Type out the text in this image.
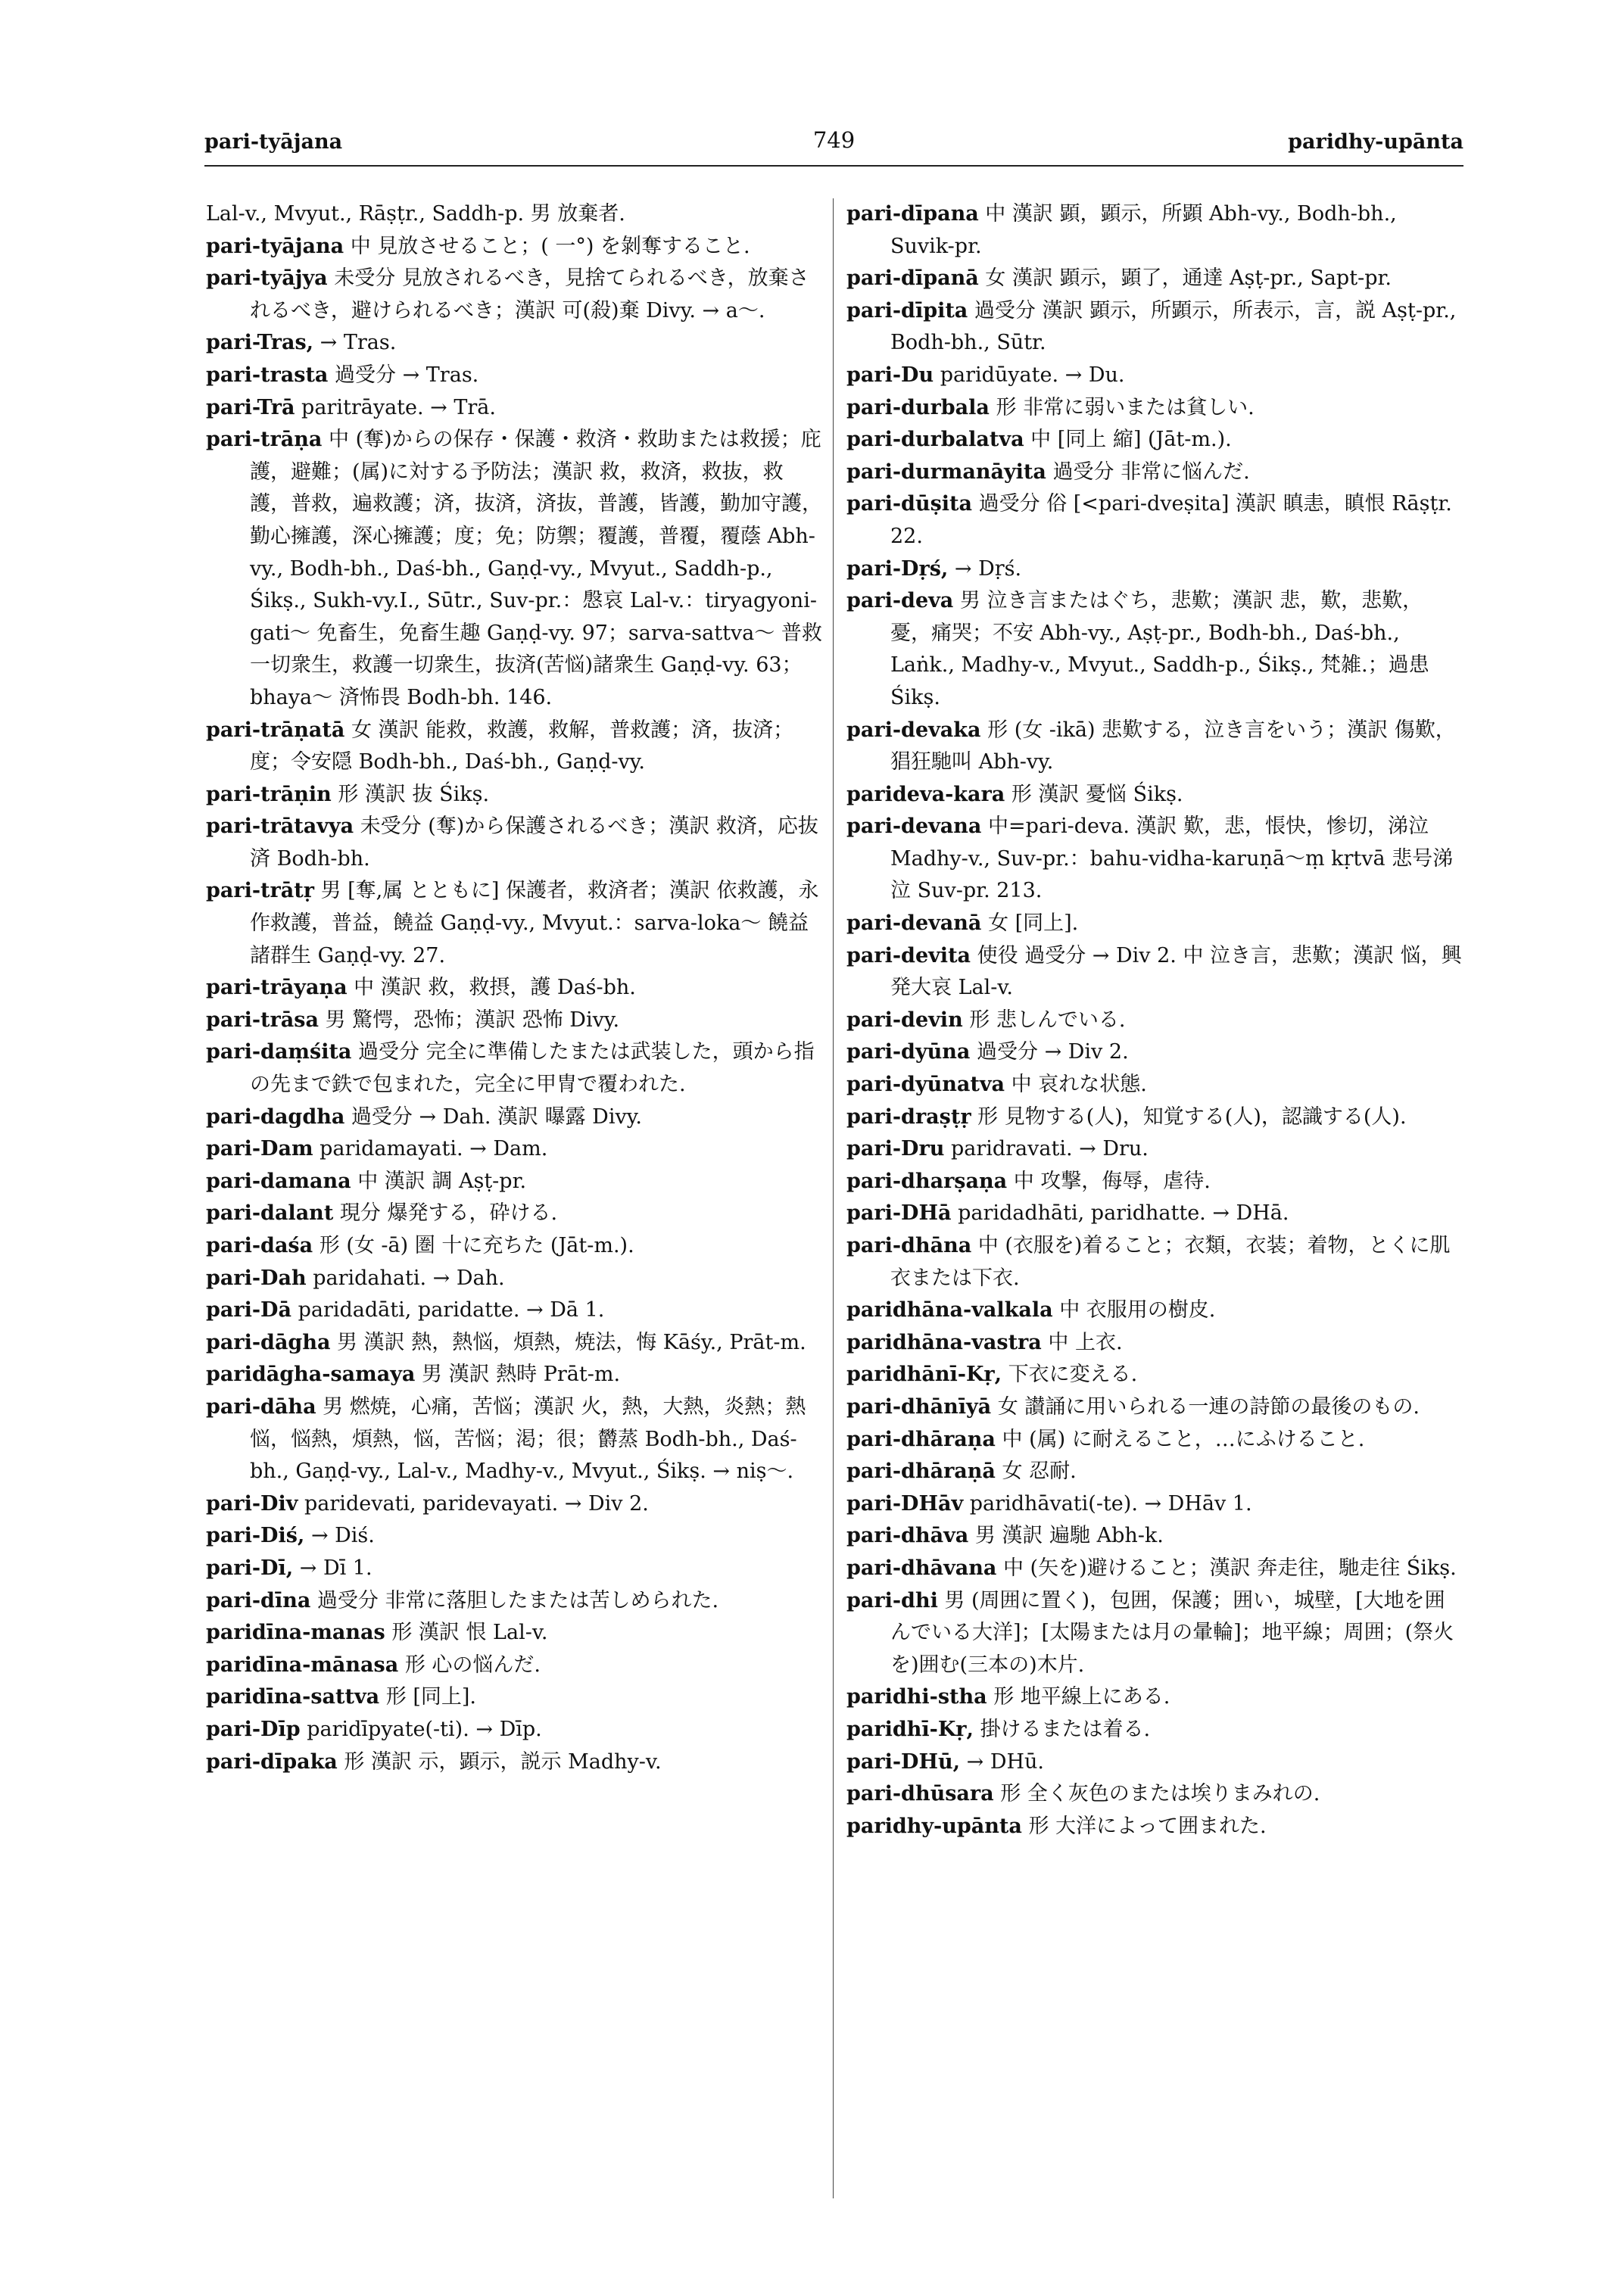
pari-tyājana	749	paridhy-upānta

Lal-v., Mvyut., Rāṣṭr., Saddh-p. 男 放棄者.

pari-tyājana 中 見放させること；( 一°) を剝奪すること.

pari-tyājya 未受分 見放されるべき，見捨てられるべき，放棄されるべき，避けられるべき；漢訳 可(殺)棄 Divy. → a～.

pari-Tras, → Tras.

pari-trasta 過受分 → Tras.

pari-Trā paritrāyate. → Trā.

pari-trāṇa 中 (奪)からの保存・保護・救済・救助または救援；庇護，避難；(属)に対する予防法；漢訳 救，救済，救抜，救護，普救，遍救護；済，抜済，済抜，普護，皆護，勤加守護，勤心擁護，深心擁護；度；免；防禦；覆護，普覆，覆蔭 Abh-vy., Bodh-bh., Daś-bh., Gaṇḍ-vy., Mvyut., Saddh-p., Śikṣ., Sukh-vy.I., Sūtr., Suv-pr.：慇哀 Lal-v.：tiryagyoni-gati～ 免畜生，免畜生趣 Gaṇḍ-vy. 97；sarva-sattva～ 普救一切衆生，救護一切衆生，抜済(苦悩)諸衆生 Gaṇḍ-vy. 63；bhaya～ 済怖畏 Bodh-bh. 146.

pari-trāṇatā 女 漢訳 能救，救護，救解，普救護；済，抜済；度；令安隠 Bodh-bh., Daś-bh., Gaṇḍ-vy.

pari-trāṇin 形 漢訳 抜 Śikṣ.

pari-trātavya 未受分 (奪)から保護されるべき；漢訳 救済，応抜済 Bodh-bh.

pari-trātṛ 男 [奪,属 とともに] 保護者，救済者；漢訳 依救護，永作救護，普益，饒益 Gaṇḍ-vy., Mvyut.：sarva-loka～ 饒益諸群生 Gaṇḍ-vy. 27.

pari-trāyaṇa 中 漢訳 救，救摂，護 Daś-bh.

pari-trāsa 男 驚愕，恐怖；漢訳 恐怖 Divy.

pari-daṃśita 過受分 完全に準備したまたは武装した，頭から指の先まで鉄で包まれた，完全に甲冑で覆われた.

pari-dagdha 過受分 → Dah. 漢訳 曝露 Divy.

pari-Dam paridamayati. → Dam.

pari-damana 中 漢訳 調 Aṣṭ-pr.

pari-dalant 現分 爆発する，砕ける.

pari-daśa 形 (女 -ā) 圏 十に充ちた (Jāt-m.).

pari-Dah paridahati. → Dah.

pari-Dā paridadāti, paridatte. → Dā 1.

pari-dāgha 男 漢訳 熱，熱悩，煩熱，焼法，悔 Kāśy., Prāt-m.

paridāgha-samaya 男 漢訳 熱時 Prāt-m.

pari-dāha 男 燃焼，心痛，苦悩；漢訳 火，熱，大熱，炎熱；熱悩，悩熱，煩熱，悩，苦悩；渇；很；欝蒸 Bodh-bh., Daś-bh., Gaṇḍ-vy., Lal-v., Madhy-v., Mvyut., Śikṣ. → niṣ～.

pari-Div paridevati, paridevayati. → Div 2.

pari-Diś, → Diś.

pari-Dī, → Dī 1.

pari-dīna 過受分 非常に落胆したまたは苦しめられた.

paridīna-manas 形 漢訳 恨 Lal-v.

paridīna-mānasa 形 心の悩んだ.

paridīna-sattva 形 [同上].

pari-Dīp paridīpyate(-ti). → Dīp.

pari-dīpaka 形 漢訳 示，顕示，説示 Madhy-v.

pari-dīpana 中 漢訳 顕，顕示，所顕 Abh-vy., Bodh-bh., Suvik-pr.

pari-dīpanā 女 漢訳 顕示，顕了，通達 Aṣṭ-pr., Sapt-pr.

pari-dīpita 過受分 漢訳 顕示，所顕示，所表示，言，説 Aṣṭ-pr., Bodh-bh., Sūtr.

pari-Du paridūyate. → Du.

pari-durbala 形 非常に弱いまたは貧しい.

pari-durbalatva 中 [同上 縮] (Jāt-m.).

pari-durmanāyita 過受分 非常に悩んだ.

pari-dūṣita 過受分 俗 [<pari-dveṣita] 漢訳 瞋恚，瞋恨 Rāṣṭr. 22.

pari-Dṛś, → Dṛś.

pari-deva 男 泣き言またはぐち，悲歎；漢訳 悲，歎，悲歎，憂，痛哭；不安 Abh-vy., Aṣṭ-pr., Bodh-bh., Daś-bh., Laṅk., Madhy-v., Mvyut., Saddh-p., Śikṣ., 梵雑.；過患 Śikṣ.

pari-devaka 形 (女 -ikā) 悲歎する，泣き言をいう；漢訳 傷歎，猖狂馳叫 Abh-vy.

parideva-kara 形 漢訳 憂悩 Śikṣ.

pari-devana 中=pari-deva. 漢訳 歎，悲，悵快，惨切，涕泣 Madhy-v., Suv-pr.：bahu-vidha-karuṇā～ṃ kṛtvā 悲号涕泣 Suv-pr. 213.

pari-devanā 女 [同上].

pari-devita 使役 過受分 → Div 2. 中 泣き言，悲歎；漢訳 悩，興発大哀 Lal-v.

pari-devin 形 悲しんでいる.

pari-dyūna 過受分 → Div 2.

pari-dyūnatva 中 哀れな状態.

pari-draṣṭṛ 形 見物する(人)，知覚する(人)，認識する(人).

pari-Dru paridravati. → Dru.

pari-dharṣaṇa 中 攻撃，侮辱，虐待.

pari-DHā paridadhāti, paridhatte. → DHā.

pari-dhāna 中 (衣服を)着ること；衣類，衣装；着物，とくに肌衣または下衣.

paridhāna-valkala 中 衣服用の樹皮.

paridhāna-vastra 中 上衣.

paridhānī-Kṛ, 下衣に変える.

pari-dhānīyā 女 讃誦に用いられる一連の詩節の最後のもの.

pari-dhāraṇa 中 (属) に耐えること，…にふけること.

pari-dhāraṇā 女 忍耐.

pari-DHāv paridhāvati(-te). → DHāv 1.

pari-dhāva 男 漢訳 遍馳 Abh-k.

pari-dhāvana 中 (矢を)避けること；漢訳 奔走往，馳走往 Śikṣ.

pari-dhi 男 (周囲に置く)，包囲，保護；囲い，城壁，[大地を囲んでいる大洋]；[太陽または月の暈輪]；地平線；周囲；(祭火を)囲む(三本の)木片.

paridhi-stha 形 地平線上にある.

paridhī-Kṛ, 掛けるまたは着る.

pari-DHū, → DHū.

pari-dhūsara 形 全く灰色のまたは埃りまみれの.

paridhy-upānta 形 大洋によって囲まれた.
